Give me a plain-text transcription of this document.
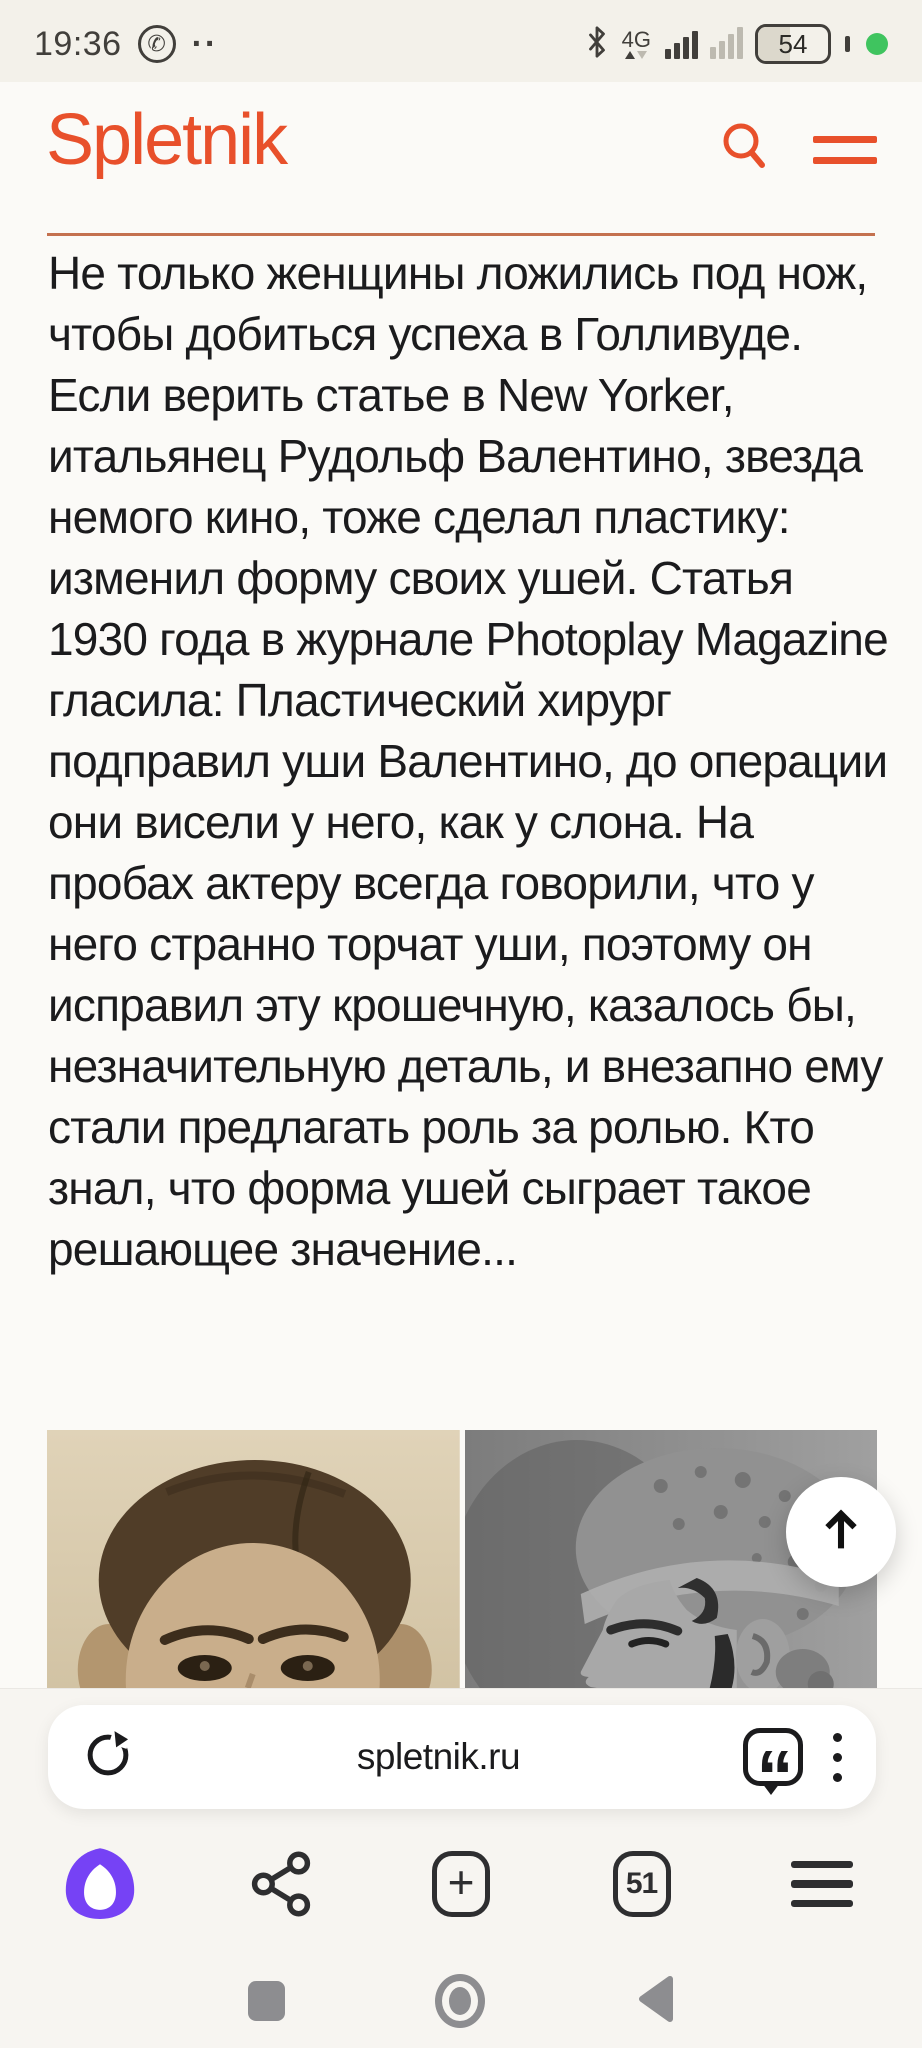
19:36 ✆ ··	4G	54
Spletnik
Не только женщины ложились под нож, чтобы добиться успеха в Голливуде. Если верить статье в New Yorker, итальянец Рудольф Валентино, звезда немого кино, тоже сделал пластику: изменил форму своих ушей. Статья 1930 года в журнале Photoplay Magazine гласила: Пластический хирург подправил уши Валентино, до операции они висели у него, как у слона. На пробах актеру всегда говорили, что у него странно торчат уши, поэтому он исправил эту крошечную, казалось бы, незначительную деталь, и внезапно ему стали предлагать роль за ролью. Кто знал, что форма ушей сыграет такое решающее значение...
spletnik.ru	“
+	51
